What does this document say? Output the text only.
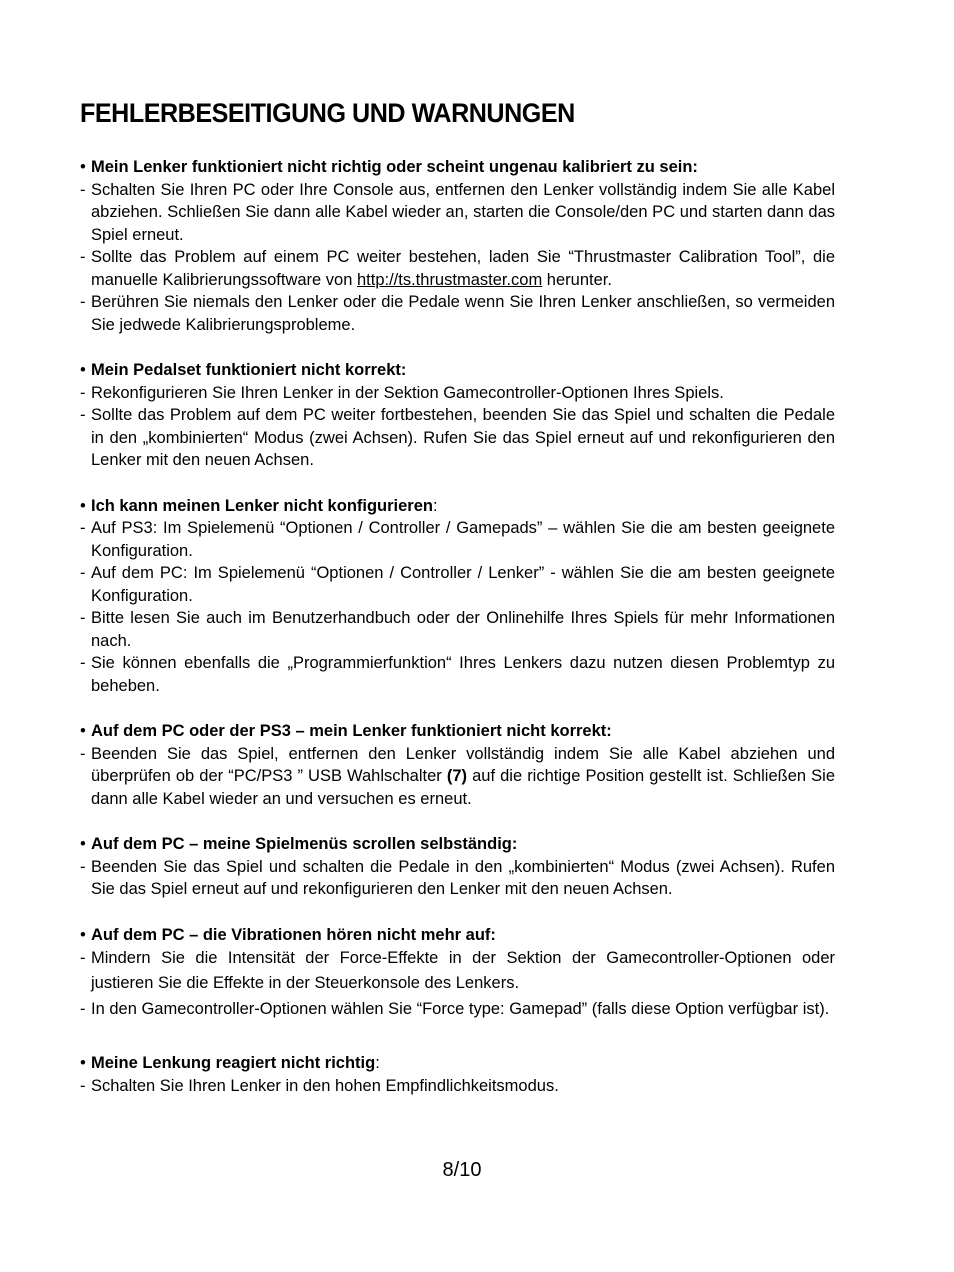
FEHLERBESEITIGUNG UND WARNUNGEN
• Mein Lenker funktioniert nicht richtig oder scheint ungenau kalibriert zu sein:
- Schalten Sie Ihren PC oder Ihre Console aus, entfernen den Lenker vollständig indem Sie alle Kabel abziehen. Schließen Sie dann alle Kabel wieder an, starten die Console/den PC und starten dann das Spiel erneut.
- Sollte das Problem auf einem PC weiter bestehen, laden Sie “Thrustmaster Calibration Tool”, die manuelle Kalibrierungssoftware von http://ts.thrustmaster.com herunter.
- Berühren Sie niemals den Lenker oder die Pedale wenn Sie Ihren Lenker anschließen, so vermeiden Sie jedwede Kalibrierungsprobleme.
• Mein Pedalset funktioniert nicht korrekt:
- Rekonfigurieren Sie Ihren Lenker in der Sektion Gamecontroller-Optionen Ihres Spiels.
- Sollte das Problem auf dem PC weiter fortbestehen, beenden Sie das Spiel und schalten die Pedale in den „kombinierten“ Modus (zwei Achsen). Rufen Sie das Spiel erneut auf und rekonfigurieren den Lenker mit den neuen Achsen.
• Ich kann meinen Lenker nicht konfigurieren:
- Auf PS3: Im Spielemenü “Optionen / Controller / Gamepads” – wählen Sie die am besten geeignete Konfiguration.
- Auf dem PC: Im Spielemenü “Optionen / Controller / Lenker” - wählen Sie die am besten geeignete Konfiguration.
- Bitte lesen Sie auch im Benutzerhandbuch oder der Onlinehilfe Ihres Spiels für mehr Informationen nach.
- Sie können ebenfalls die „Programmierfunktion“ Ihres Lenkers dazu nutzen diesen Problemtyp zu beheben.
• Auf dem PC oder der PS3 – mein Lenker funktioniert nicht korrekt:
- Beenden Sie das Spiel, entfernen den Lenker vollständig indem Sie alle Kabel abziehen und überprüfen ob der “PC/PS3 ” USB Wahlschalter (7) auf die richtige Position gestellt ist. Schließen Sie dann alle Kabel wieder an und versuchen es erneut.
• Auf dem PC – meine Spielmenüs scrollen selbständig:
- Beenden Sie das Spiel und schalten die Pedale in den „kombinierten“ Modus (zwei Achsen). Rufen Sie das Spiel erneut auf und rekonfigurieren den Lenker mit den neuen Achsen.
• Auf dem PC – die Vibrationen hören nicht mehr auf:
- Mindern Sie die Intensität der Force-Effekte in der Sektion der Gamecontroller-Optionen oder justieren Sie die Effekte in der Steuerkonsole des Lenkers.
- In den Gamecontroller-Optionen wählen Sie “Force type: Gamepad” (falls diese Option verfügbar ist).
• Meine Lenkung reagiert nicht richtig:
- Schalten Sie Ihren Lenker in den hohen Empfindlichkeitsmodus.
8/10
